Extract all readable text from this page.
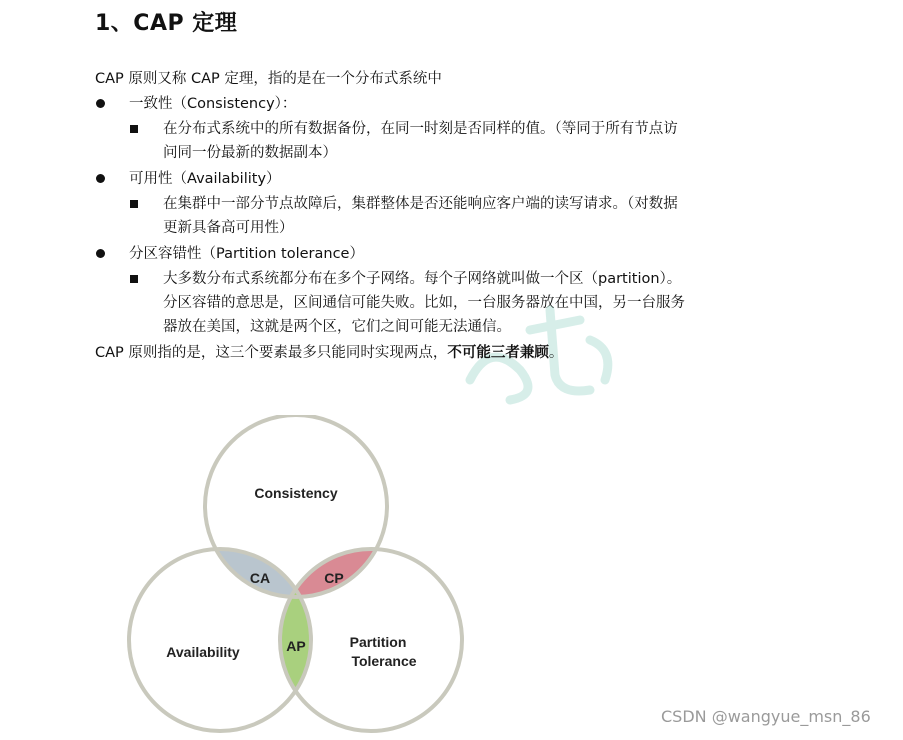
1、CAP 定理
CAP 原则又称 CAP 定理，指的是在一个分布式系统中
一致性（Consistency）：
在分布式系统中的所有数据备份，在同一时刻是否同样的值。（等同于所有节点访
问同一份最新的数据副本）
可用性（Availability）
在集群中一部分节点故障后，集群整体是否还能响应客户端的读写请求。（对数据
更新具备高可用性）
分区容错性（Partition tolerance）
大多数分布式系统都分布在多个子网络。每个子网络就叫做一个区（partition）。
分区容错的意思是，区间通信可能失败。比如，一台服务器放在中国，另一台服务
器放在美国，这就是两个区，它们之间可能无法通信。
CAP 原则指的是，这三个要素最多只能同时实现两点，不可能三者兼顾。
Consistency
Availability
Partition
Tolerance
CA	CP
AP
CSDN @wangyue_msn_86
